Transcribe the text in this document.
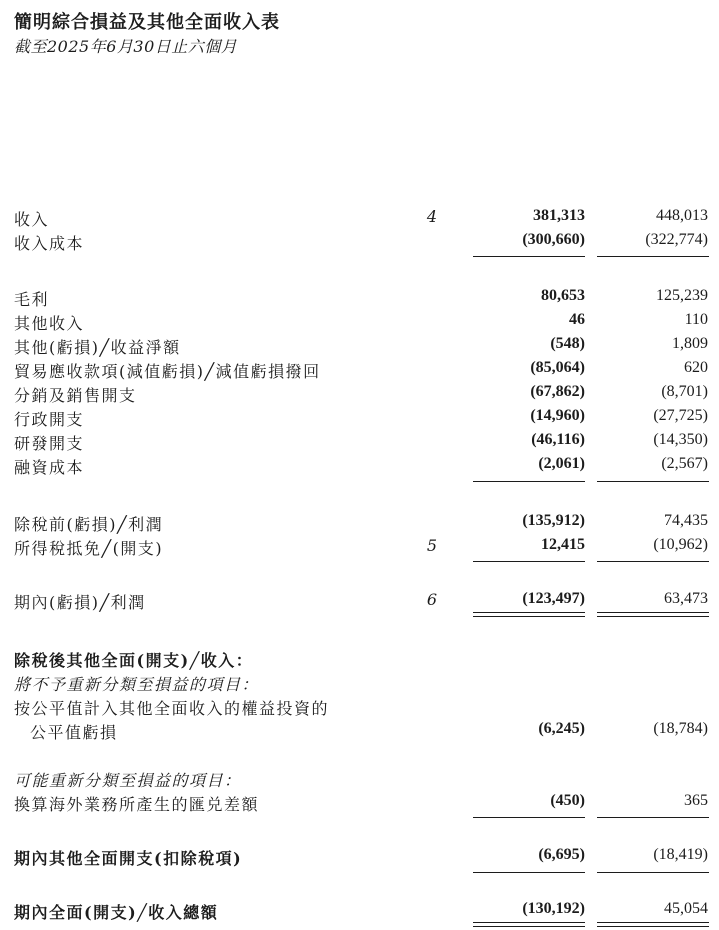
簡明綜合損益及其他全面收入表
截至2025年6月30日止六個月
收入	4	381,313	448,013
收入成本	(300,660)	(322,774)
毛利	80,653	125,239
其他收入	46	110
其他(虧損)╱收益淨額	(548)	1,809
貿易應收款項(減值虧損)╱減值虧損撥回	(85,064)	620
分銷及銷售開支	(67,862)	(8,701)
行政開支	(14,960)	(27,725)
研發開支	(46,116)	(14,350)
融資成本	(2,061)	(2,567)
除稅前(虧損)╱利潤	(135,912)	74,435
所得稅抵免╱(開支)	5	12,415	(10,962)
期內(虧損)╱利潤	6	(123,497)	63,473
除稅後其他全面(開支)╱收入：
將不予重新分類至損益的項目：
按公平值計入其他全面收入的權益投資的
公平值虧損	(6,245)	(18,784)
可能重新分類至損益的項目：
換算海外業務所產生的匯兑差額	(450)	365
期內其他全面開支(扣除稅項)	(6,695)	(18,419)
期內全面(開支)╱收入總額	(130,192)	45,054
